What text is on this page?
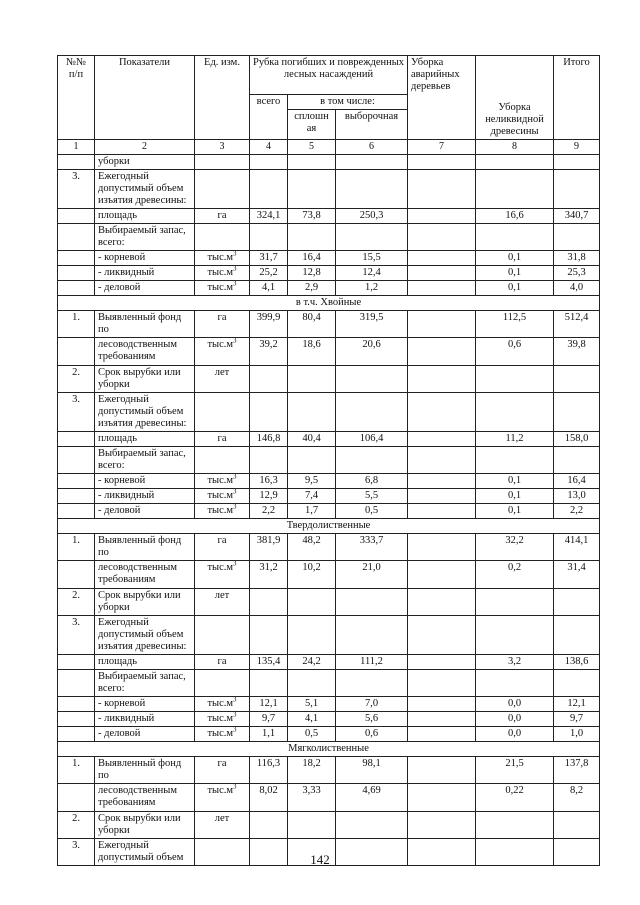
№№ п/п	Показатели	Ед. изм.	Рубка погибших и поврежденных лесных насаждений			Уборка аварийных деревьев	Уборка неликвидной древесины	Итого
			всего	в том числе:				
				сплошн ая	выборочная			
1	2	3	4	5	6	7	8	9
	уборки							
3.	Ежегодный допустимый объем изъятия древесины:							
	площадь	га	324,1	73,8	250,3		16,6	340,7
	Выбираемый запас, всего:							
	- корневой	$тыс.м^3$	31,7	16,4	15,5		0,1	31,8
	- ликвидный	$тыс.м^3$	25,2	12,8	12,4		0,1	25,3
	- деловой	$тыс.м^3$	4,1	2,9	1,2		0,1	4,0
в т.ч. Хвойные								
1.	Выявленный фонд по	га	399,9	80,4	319,5		112,5	512,4
	лесоводственным требованиям	$тыс.м^3$	39,2	18,6	20,6		0,6	39,8
2.	Срок вырубки или уборки	лет						
3.	Ежегодный допустимый объем изъятия древесины:							
	площадь	га	146,8	40,4	106,4		11,2	158,0
	Выбираемый запас, всего:							
	- корневой	$тыс.м^3$	16,3	9,5	6,8		0,1	16,4
	- ликвидный	$тыс.м^3$	12,9	7,4	5,5		0,1	13,0
	- деловой	$тыс.м^3$	2,2	1,7	0,5		0,1	2,2
Твердолиственные								
1.	Выявленный фонд по	га	381,9	48,2	333,7		32,2	414,1
	лесоводственным требованиям	$тыс.м^3$	31,2	10,2	21,0		0,2	31,4
2.	Срок вырубки или уборки	лет						
3.	Ежегодный допустимый объем изъятия древесины:							
	площадь	га	135,4	24,2	111,2		3,2	138,6
	Выбираемый запас, всего:							
	- корневой	$тыс.м^3$	12,1	5,1	7,0		0,0	12,1
	- ликвидный	$тыс.м^3$	9,7	4,1	5,6		0,0	9,7
	- деловой	$тыс.м^3$	1,1	0,5	0,6		0,0	1,0
Мягколиственные								
1.	Выявленный фонд по	га	116,3	18,2	98,1		21,5	137,8
	лесоводственным требованиям	$тыс.м^3$	8,02	3,33	4,69		0,22	8,2
2.	Срок вырубки или уборки	лет						
3.	Ежегодный допустимый объем								142
